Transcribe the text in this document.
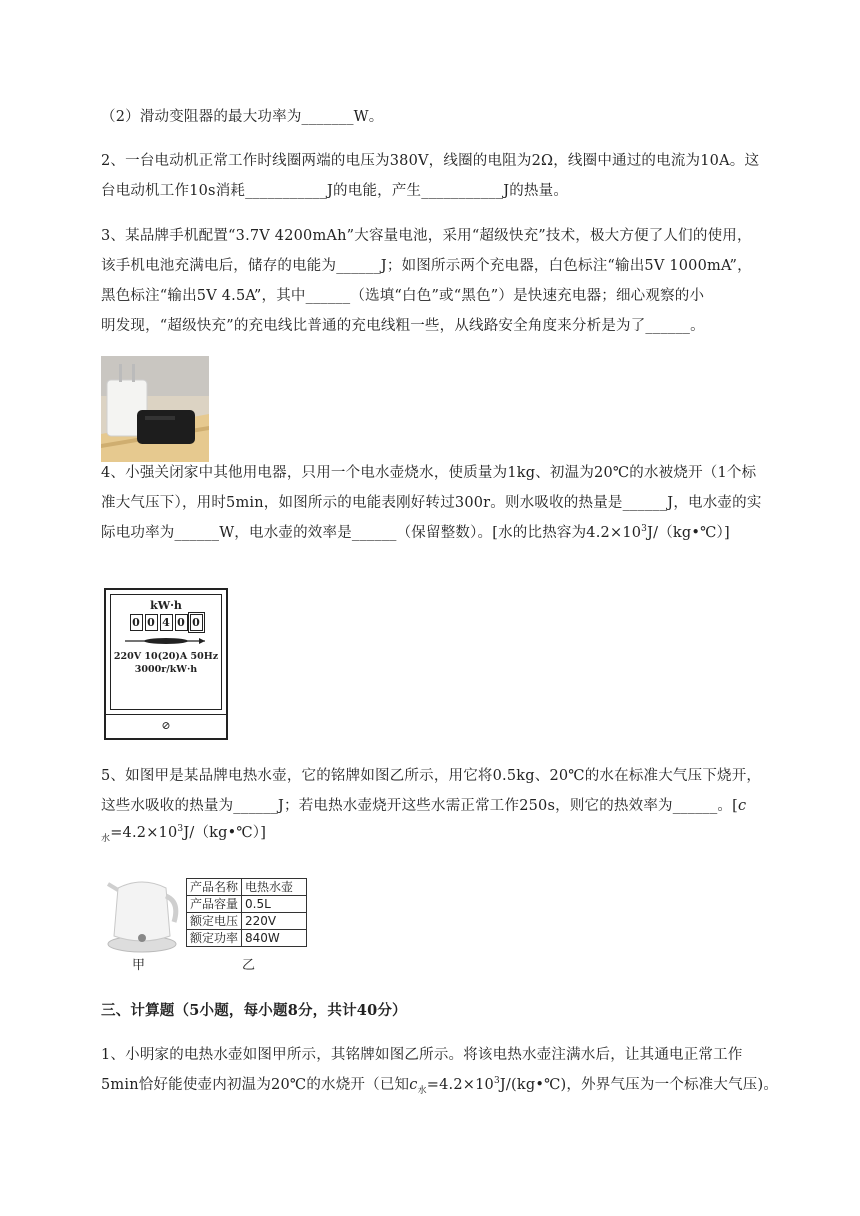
（2）滑动变阻器的最大功率为_______W。
2、一台电动机正常工作时线圈两端的电压为380V，线圈的电阻为2Ω，线圈中通过的电流为10A。这
台电动机工作10s消耗___________J的电能，产生___________J的热量。
3、某品牌手机配置“3.7V 4200mAh”大容量电池，采用“超级快充”技术，极大方便了人们的使用，
该手机电池充满电后，储存的电能为______J；如图所示两个充电器，白色标注“输出5V 1000mA”，
黑色标注“输出5V 4.5A”，其中______（选填“白色”或“黑色”）是快速充电器；细心观察的小
明发现，“超级快充”的充电线比普通的充电线粗一些，从线路安全角度来分析是为了______。
4、小强关闭家中其他用电器，只用一个电水壶烧水，使质量为1kg、初温为20℃的水被烧开（1个标
准大气压下），用时5min，如图所示的电能表刚好转过300r。则水吸收的热量是______J，电水壶的实
际电功率为______W，电水壶的效率是______（保留整数）。[水的比热容为$4.2\times 10^3J/(kg•℃)$]
kW·h
0 0 4 0 0
220V 10(20)A 50Hz
3000r/kW·h
⊘
5、如图甲是某品牌电热水壶，它的铭牌如图乙所示，用它将0.5kg、20℃的水在标准大气压下烧开，
这些水吸收的热量为______J；若电热水壶烧开这些水需正常工作250s，则它的热效率为______。[c
$_水=4.2\times 10^3J/(kg•℃)$]
产品名称	电热水壶
产品容量	0.5L
额定电压	220V
额定功率	840W
甲	乙
三、计算题（5小题，每小题8分，共计40分）
1、小明家的电热水壶如图甲所示，其铭牌如图乙所示。将该电热水壶注满水后，让其通电正常工作
5min恰好能使壶内初温为20℃的水烧开（已知$c_水=4.2\times 10^3J/(kg•℃)$，外界气压为一个标准大气压)。
